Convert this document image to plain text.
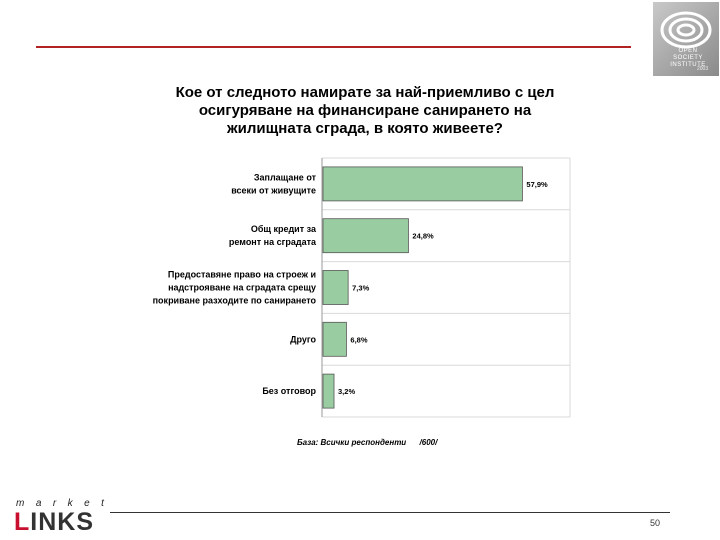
OPEN
SOCIETY
INSTITUTE
2003
Кое от следното намирате за най-приемливо с цел
осигуряване на финансиране санирането на
жилищната сграда, в която живеете?
57,9%
Заплащане от
всеки от живущите
24,8%
Общ кредит за
ремонт на сградата
7,3%
Предоставяне право на строеж и
надстрояване на сградата срещу
покриване разходите по санирането
6,8%
Друго
3,2%
Без отговор
База: Всички респонденти      /600/
m a r k e t
LINKS	50
